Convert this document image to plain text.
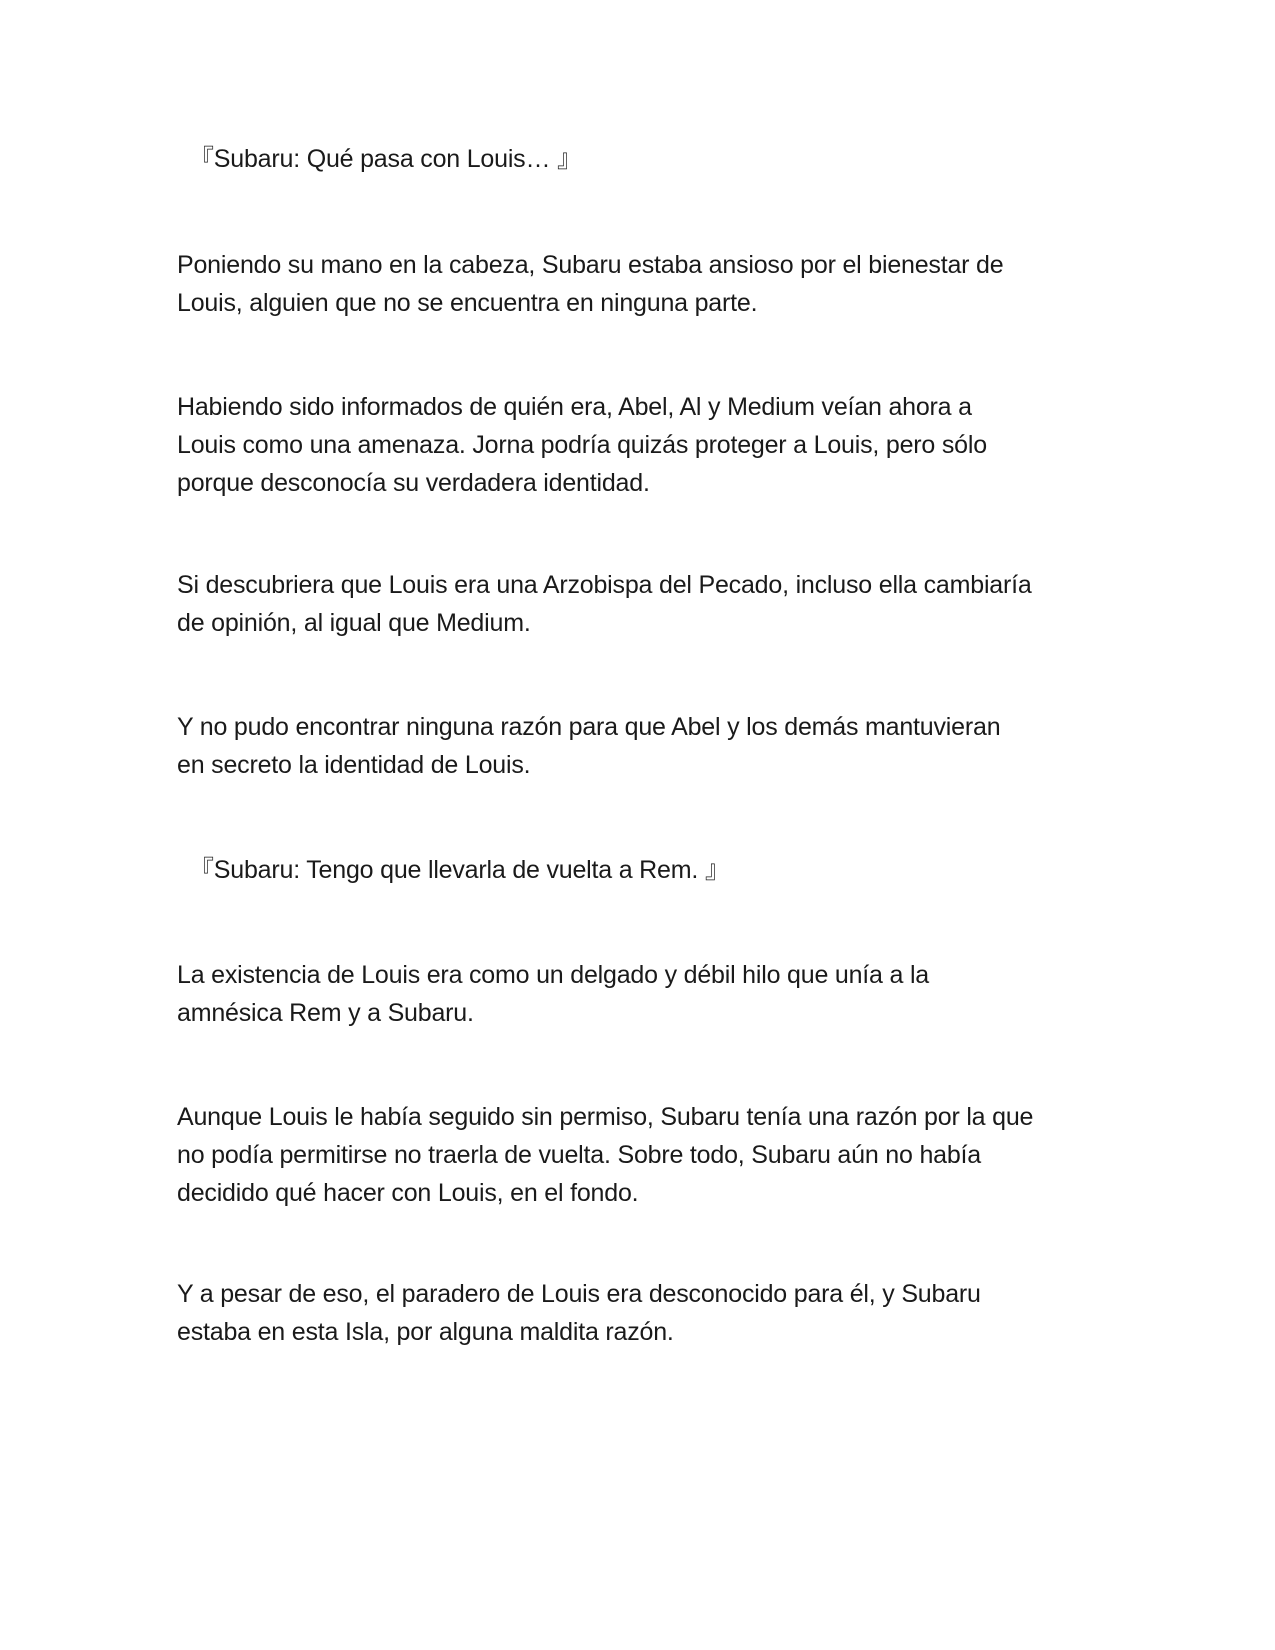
『Subaru: Qué pasa con Louis… 』

Poniendo su mano en la cabeza, Subaru estaba ansioso por el bienestar de
Louis, alguien que no se encuentra en ninguna parte.

Habiendo sido informados de quién era, Abel, Al y Medium veían ahora a
Louis como una amenaza. Jorna podría quizás proteger a Louis, pero sólo
porque desconocía su verdadera identidad.

Si descubriera que Louis era una Arzobispa del Pecado, incluso ella cambiaría
de opinión, al igual que Medium.

Y no pudo encontrar ninguna razón para que Abel y los demás mantuvieran
en secreto la identidad de Louis.

『Subaru: Tengo que llevarla de vuelta a Rem. 』

La existencia de Louis era como un delgado y débil hilo que unía a la
amnésica Rem y a Subaru.

Aunque Louis le había seguido sin permiso, Subaru tenía una razón por la que
no podía permitirse no traerla de vuelta. Sobre todo, Subaru aún no había
decidido qué hacer con Louis, en el fondo.

Y a pesar de eso, el paradero de Louis era desconocido para él, y Subaru
estaba en esta Isla, por alguna maldita razón.
